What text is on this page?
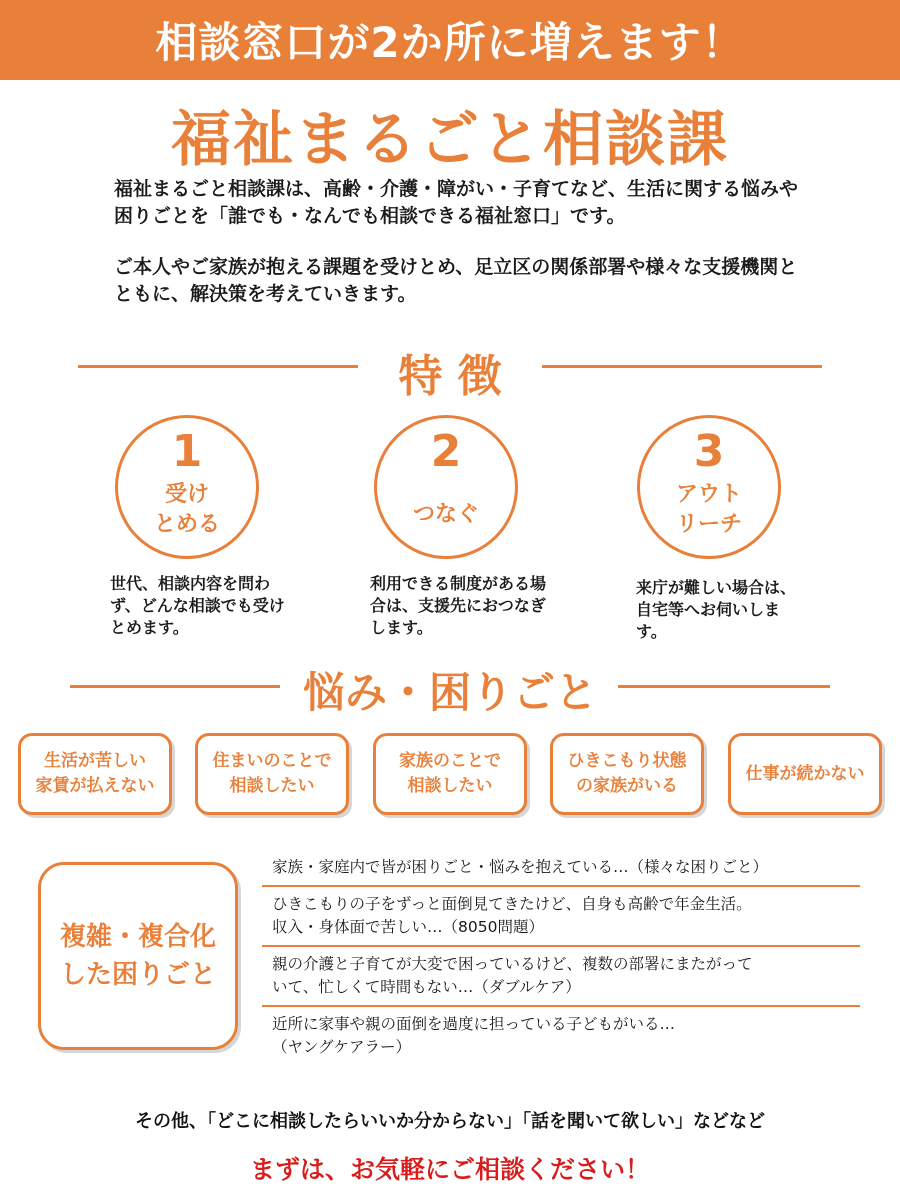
相談窓口が2か所に増えます！
福祉まるごと相談課

福祉まるごと相談課は、高齢・介護・障がい・子育てなど、生活に関する悩みや困りごとを「誰でも・なんでも相談できる福祉窓口」です。

ご本人やご家族が抱える課題を受けとめ、足立区の関係部署や様々な支援機関とともに、解決策を考えていきます。

特 徴
1
受け
とめる
世代、相談内容を問わず、どんな相談でも受けとめます。
2
つなぐ
利用できる制度がある場合は、支援先におつなぎします。
3
アウト
リーチ
来庁が難しい場合は、自宅等へお伺いします。
悩み・困りごと
生活が苦しい
家賃が払えない
住まいのことで
相談したい
家族のことで
相談したい
ひきこもり状態
の家族がいる
仕事が続かない
複雑・複合化
した困りごと
家族・家庭内で皆が困りごと・悩みを抱えている…（様々な困りごと）
ひきこもりの子をずっと面倒見てきたけど、自身も高齢で年金生活。
収入・身体面で苦しい…（8050問題）
親の介護と子育てが大変で困っているけど、複数の部署にまたがって
いて、忙しくて時間もない…（ダブルケア）
近所に家事や親の面倒を過度に担っている子どもがいる…
（ヤングケアラー）
その他、「どこに相談したらいいか分からない」「話を聞いて欲しい」などなど
まずは、お気軽にご相談ください！
